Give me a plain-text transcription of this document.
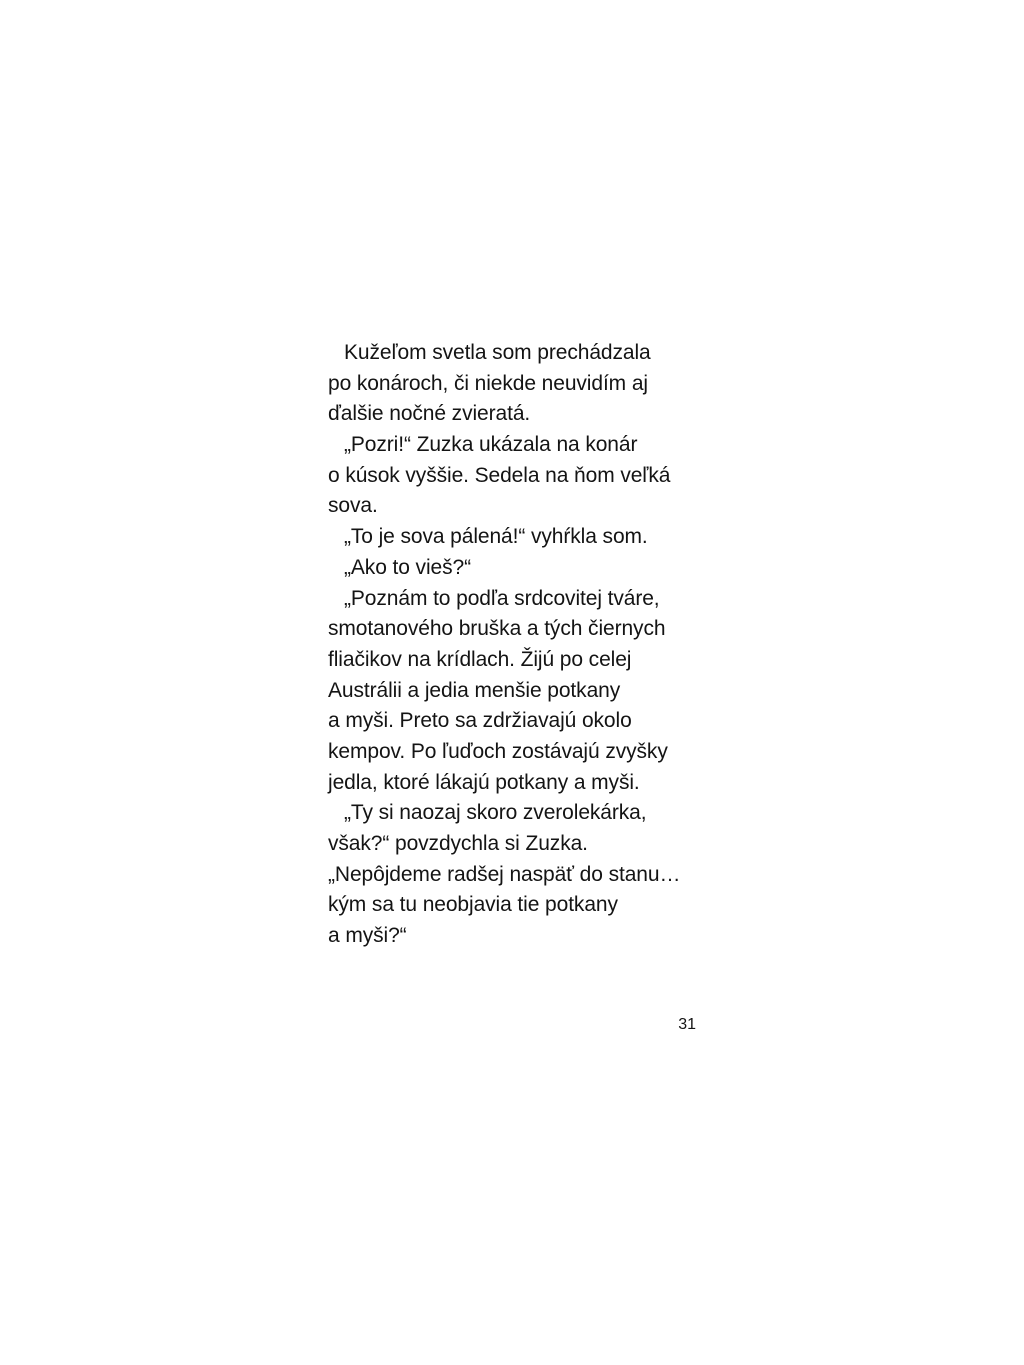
Kužeľom svetla som prechádzala
po konároch, či niekde neuvidím aj
ďalšie nočné zvieratá.
„Pozri!“ Zuzka ukázala na konár
o kúsok vyššie. Sedela na ňom veľká
sova.
„To je sova pálená!“ vyhŕkla som.
„Ako to vieš?“
„Poznám to podľa srdcovitej tváre,
smotanového bruška a tých čiernych
fliačikov na krídlach. Žijú po celej
Austrálii a jedia menšie potkany
a myši. Preto sa zdržiavajú okolo
kempov. Po ľuďoch zostávajú zvyšky
jedla, ktoré lákajú potkany a myši.
„Ty si naozaj skoro zverolekárka,
však?“ povzdychla si Zuzka.
„Nepôjdeme radšej naspäť do stanu…
kým sa tu neobjavia tie potkany
a myši?“
31
